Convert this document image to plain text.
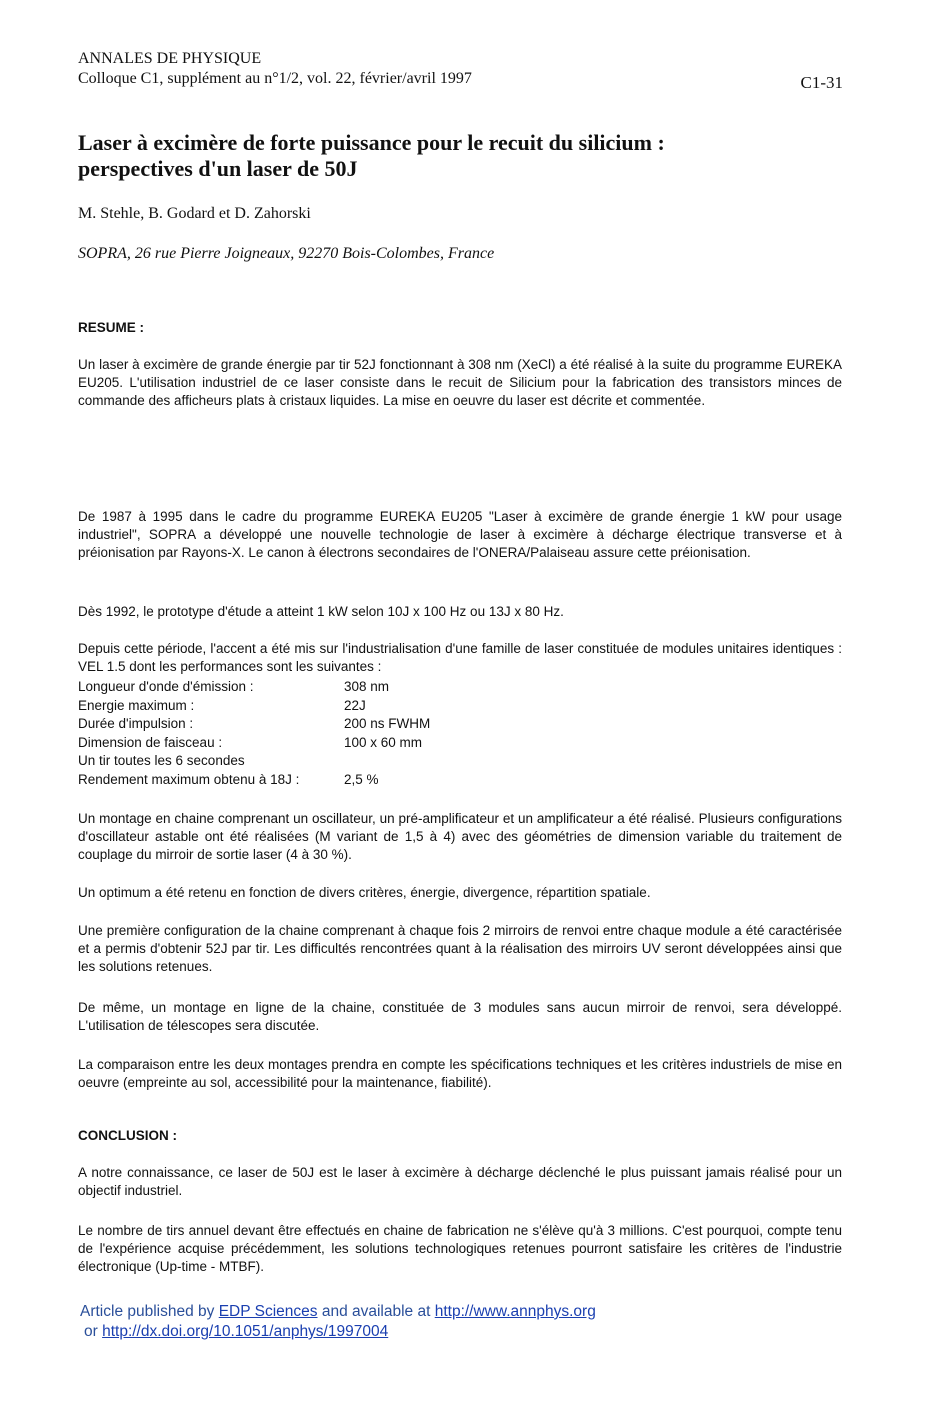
ANNALES DE PHYSIQUE
Colloque C1, supplément au n°1/2, vol. 22, février/avril 1997	C1-31
Laser à excimère de forte puissance pour le recuit du silicium :
perspectives d'un laser de 50J
M. Stehle, B. Godard et D. Zahorski
SOPRA, 26 rue Pierre Joigneaux, 92270 Bois-Colombes, France
RESUME :
Un laser à excimère de grande énergie par tir 52J fonctionnant à 308 nm (XeCl) a été réalisé à la suite du programme EUREKA EU205. L'utilisation industriel de ce laser consiste dans le recuit de Silicium pour la fabrication des transistors minces de commande des afficheurs plats à cristaux liquides. La mise en oeuvre du laser est décrite et commentée.
De 1987 à 1995 dans le cadre du programme EUREKA EU205 "Laser à excimère de grande énergie 1 kW pour usage industriel", SOPRA a développé une nouvelle technologie de laser à excimère à décharge électrique transverse et à préionisation par Rayons-X. Le canon à électrons secondaires de l'ONERA/Palaiseau assure cette préionisation.
Dès 1992, le prototype d'étude a atteint 1 kW selon 10J x 100 Hz ou 13J x 80 Hz.
Depuis cette période, l'accent a été mis sur l'industrialisation d'une famille de laser constituée de modules unitaires identiques : VEL 1.5 dont les performances sont les suivantes :
Longueur d'onde d'émission :	308 nm
Energie maximum :	22J
Durée d'impulsion :	200 ns FWHM
Dimension de faisceau :	100 x 60 mm
Un tir toutes les 6 secondes
Rendement maximum obtenu à 18J :	2,5 %
Un montage en chaine comprenant un oscillateur, un pré-amplificateur et un amplificateur a été réalisé. Plusieurs configurations d'oscillateur astable ont été réalisées (M variant de 1,5 à 4) avec des géométries de dimension variable du traitement de couplage du mirroir de sortie laser (4 à 30 %).
Un optimum a été retenu en fonction de divers critères, énergie, divergence, répartition spatiale.
Une première configuration de la chaine comprenant à chaque fois 2 mirroirs de renvoi entre chaque module a été caractérisée et a permis d'obtenir 52J par tir. Les difficultés rencontrées quant à la réalisation des mirroirs UV seront développées ainsi que les solutions retenues.
De même, un montage en ligne de la chaine, constituée de 3 modules sans aucun mirroir de renvoi, sera développé. L'utilisation de télescopes sera discutée.
La comparaison entre les deux montages prendra en compte les spécifications techniques et les critères industriels de mise en oeuvre (empreinte au sol, accessibilité pour la maintenance, fiabilité).
CONCLUSION :
A notre connaissance, ce laser de 50J est le laser à excimère à décharge déclenché le plus puissant jamais réalisé pour un objectif industriel.
Le nombre de tirs annuel devant être effectués en chaine de fabrication ne s'élève qu'à 3 millions. C'est pourquoi, compte tenu de l'expérience acquise précédemment, les solutions technologiques retenues pourront satisfaire les critères de l'industrie électronique (Up-time - MTBF).
Article published by EDP Sciences and available at http://www.annphys.org
or http://dx.doi.org/10.1051/anphys/1997004
